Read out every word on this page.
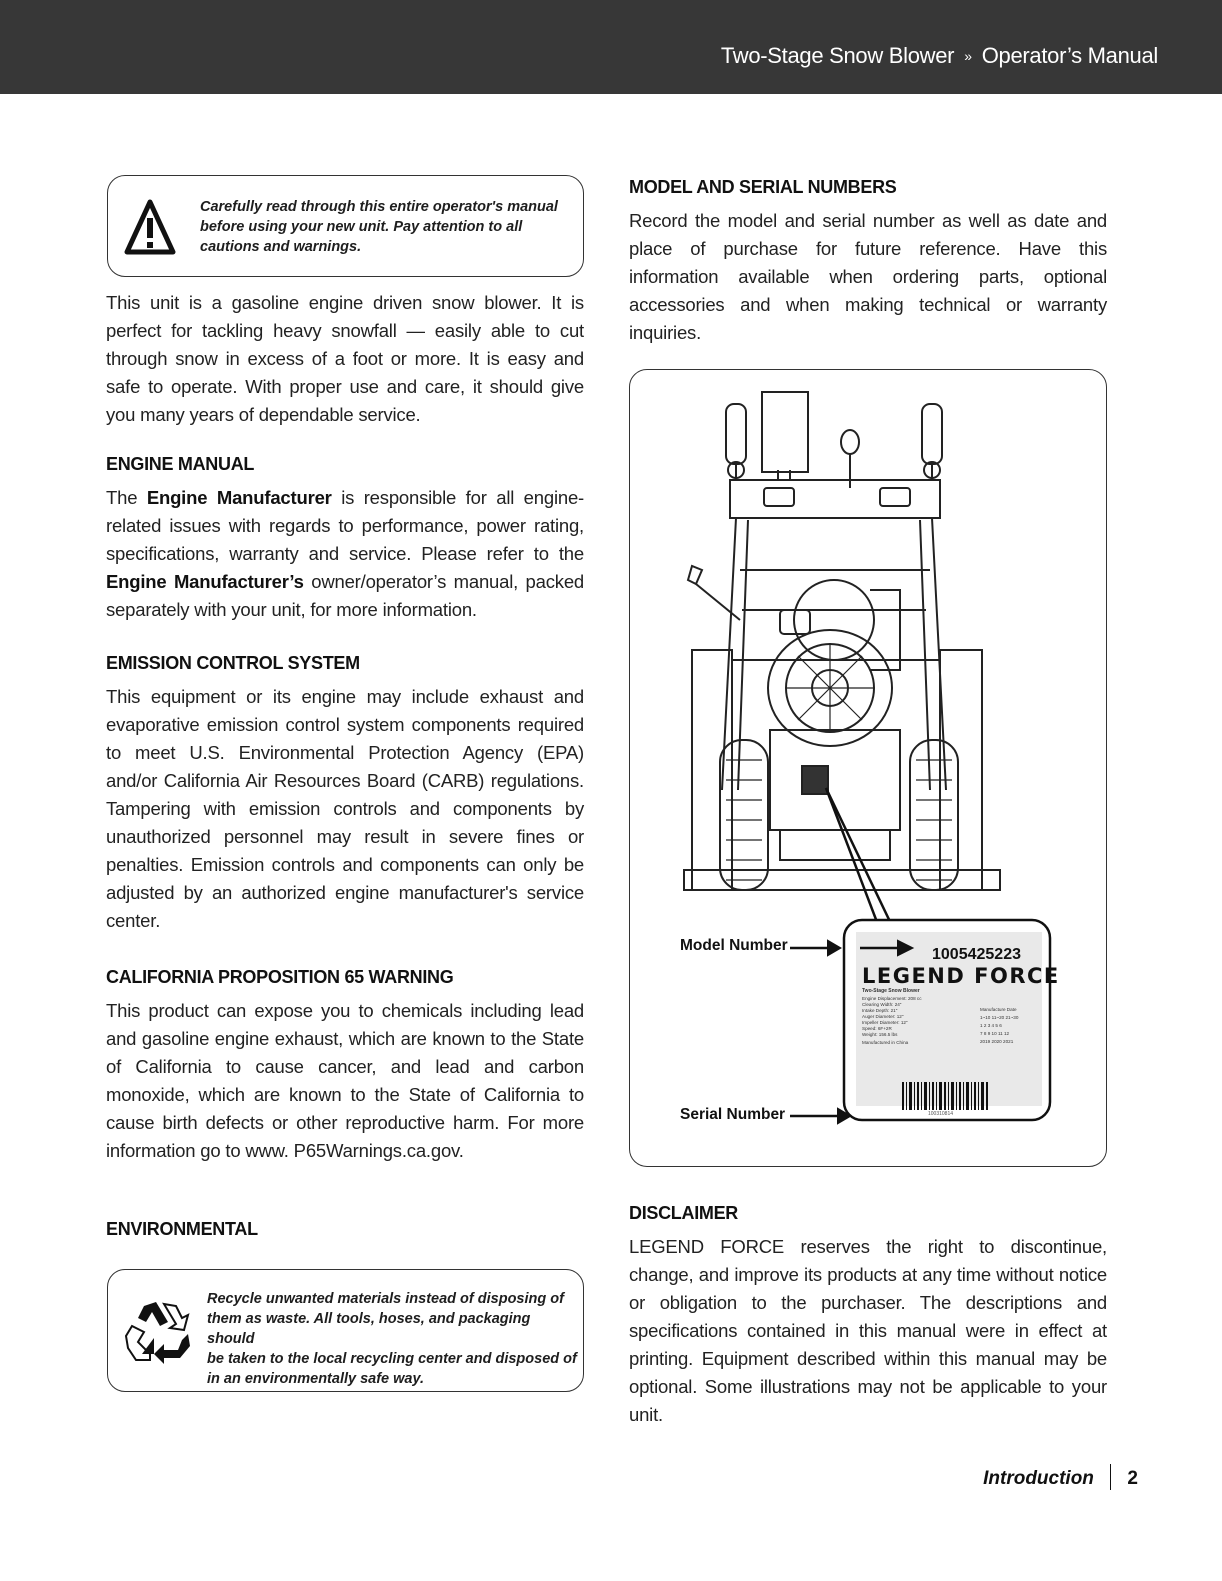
Two-Stage Snow Blower » Operator’s Manual
Carefully read through this entire operator's manual
before using your new unit. Pay attention to all
cautions and warnings.
This unit is a gasoline engine driven snow blower. It is perfect for tackling heavy snowfall — easily able to cut through snow in excess of a foot or more. It is easy and safe to operate. With proper use and care, it should give you many years of dependable service.
ENGINE MANUAL
The Engine Manufacturer is responsible for all engine-related issues with regards to performance, power rating, specifications, warranty and service. Please refer to the Engine Manufacturer’s owner/operator’s manual, packed separately with your unit, for more information.
EMISSION CONTROL SYSTEM
This equipment or its engine may include exhaust and evaporative emission control system components required to meet U.S. Environmental Protection Agency (EPA) and/or California Air Resources Board (CARB) regulations. Tampering with emission controls and components by unauthorized personnel may result in severe fines or penalties. Emission controls and components can only be adjusted by an authorized engine manufacturer's service center.
CALIFORNIA PROPOSITION 65 WARNING
This product can expose you to chemicals including lead and gasoline engine exhaust, which are known to the State of California to cause cancer, and lead and carbon monoxide, which are known to the State of California to cause birth defects or other reproductive harm. For more information go to www. P65Warnings.ca.gov.
ENVIRONMENTAL
Recycle unwanted materials instead of disposing of
them as waste. All tools, hoses, and packaging should
be taken to the local recycling center and disposed of
in an environmentally safe way.
MODEL AND SERIAL NUMBERS
Record the model and serial number as well as date and place of purchase for future reference. Have this information available when ordering parts, optional accessories and when making technical or warranty inquiries.
Model Number
Serial Number
1005425223
LEGEND FORCE
Two-Stage Snow Blower
Engine Displacement: 208 cc
Clearing Width: 24"
Intake Depth: 21"
Auger Diameter: 12"
Impeller Diameter: 12"
Speed: 6F+2R
Weight: 156.5 lbs
Manufactured in China
Manufacture Date
1~10 11~20 21~30
1 2 3 4 5 6
7 8 9 10 11 12
2019 2020 2021
100310814
DISCLAIMER
LEGEND FORCE reserves the right to discontinue, change, and improve its products at any time without notice or obligation to the purchaser. The descriptions and specifications contained in this manual were in effect at printing. Equipment described within this manual may be optional. Some illustrations may not be applicable to your unit.
Introduction 2
